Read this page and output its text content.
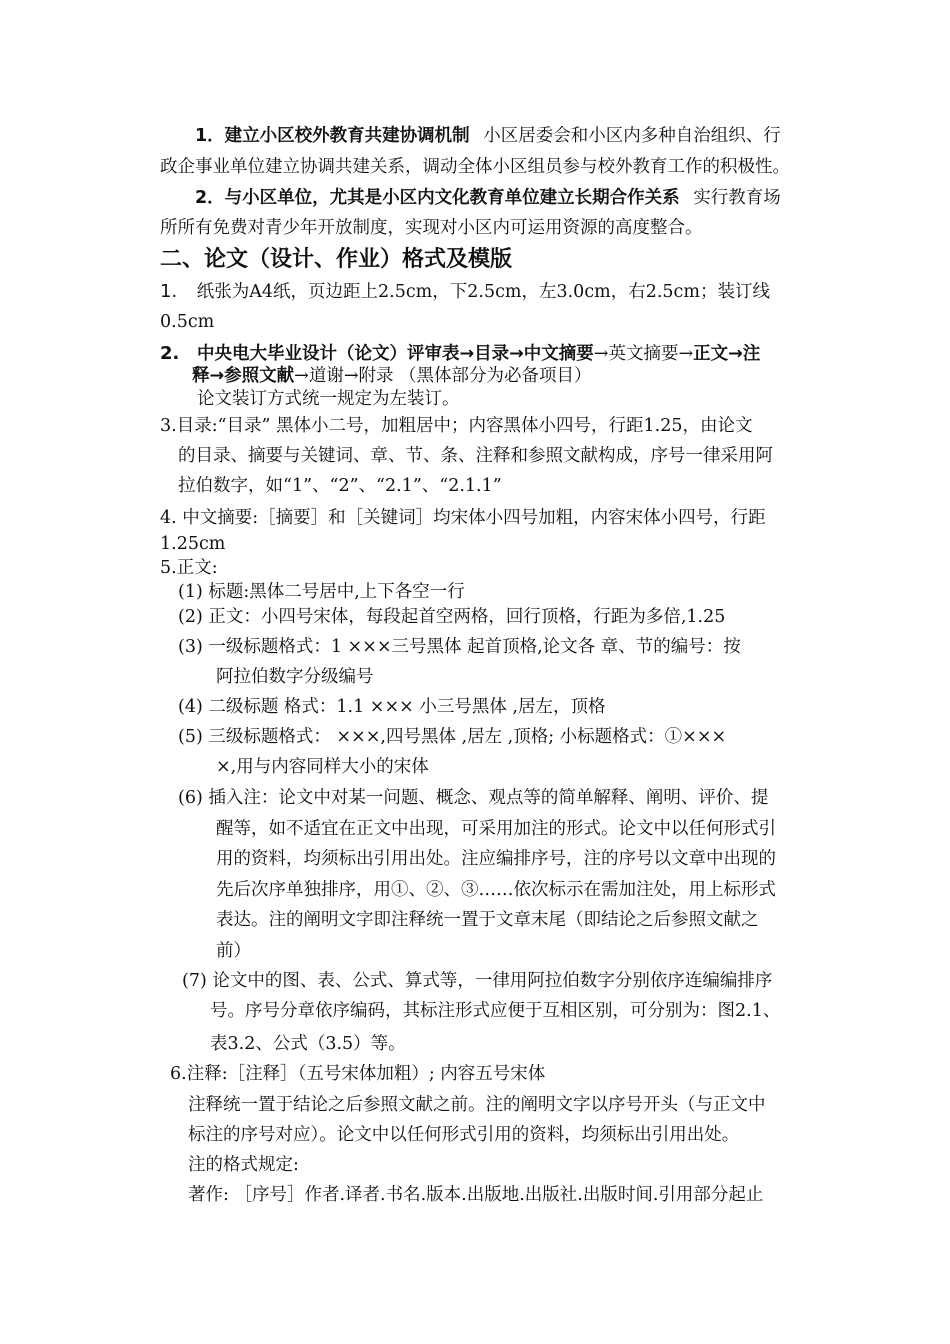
1．建立小区校外教育共建协调机制 小区居委会和小区内多种自治组织、行
政企事业单位建立协调共建关系，调动全体小区组员参与校外教育工作的积极性。
2．与小区单位，尤其是小区内文化教育单位建立长期合作关系 实行教育场
所所有免费对青少年开放制度，实现对小区内可运用资源的高度整合。
二、论文（设计、作业）格式及模版
1. 纸张为A4纸，页边距上2.5cm，下2.5cm，左3.0cm，右2.5cm；装订线
0.5cm
2. 中央电大毕业设计（论文）评审表→目录→中文摘要→英文摘要→正文→注
释→参照文献→道谢→附录 （黑体部分为必备项目）
论文装订方式统一规定为左装订。
3.目录:“目录” 黑体小二号，加粗居中；内容黑体小四号，行距1.25，由论文
的目录、摘要与关键词、章、节、条、注释和参照文献构成，序号一律采用阿
拉伯数字，如“1”、“2”、“2.1”、“2.1.1”
4. 中文摘要:［摘要］和［关键词］均宋体小四号加粗，内容宋体小四号，行距
1.25cm
5.正文:
(1) 标题:黑体二号居中,上下各空一行
(2) 正文：小四号宋体，每段起首空两格，回行顶格，行距为多倍,1.25
(3) 一级标题格式：1 ×××三号黑体 起首顶格,论文各 章、节的编号：按
阿拉伯数字分级编号
(4) 二级标题 格式：1.1 ××× 小三号黑体 ,居左，顶格
(5) 三级标题格式： ×××,四号黑体 ,居左 ,顶格; 小标题格式：①×××
×,用与内容同样大小的宋体
(6) 插入注：论文中对某一问题、概念、观点等的简单解释、阐明、评价、提
醒等，如不适宜在正文中出现，可采用加注的形式。论文中以任何形式引
用的资料，均须标出引用出处。注应编排序号，注的序号以文章中出现的
先后次序单独排序，用①、②、③……依次标示在需加注处，用上标形式
表达。注的阐明文字即注释统一置于文章末尾（即结论之后参照文献之
前）
(7) 论文中的图、表、公式、算式等，一律用阿拉伯数字分别依序连编编排序
号。序号分章依序编码，其标注形式应便于互相区别，可分别为：图2.1、
表3.2、公式（3.5）等。
6.注释:［注释］（五号宋体加粗）; 内容五号宋体
注释统一置于结论之后参照文献之前。注的阐明文字以序号开头（与正文中
标注的序号对应）。论文中以任何形式引用的资料，均须标出引用出处。
注的格式规定:
著作: ［序号］作者.译者.书名.版本.出版地.出版社.出版时间.引用部分起止
